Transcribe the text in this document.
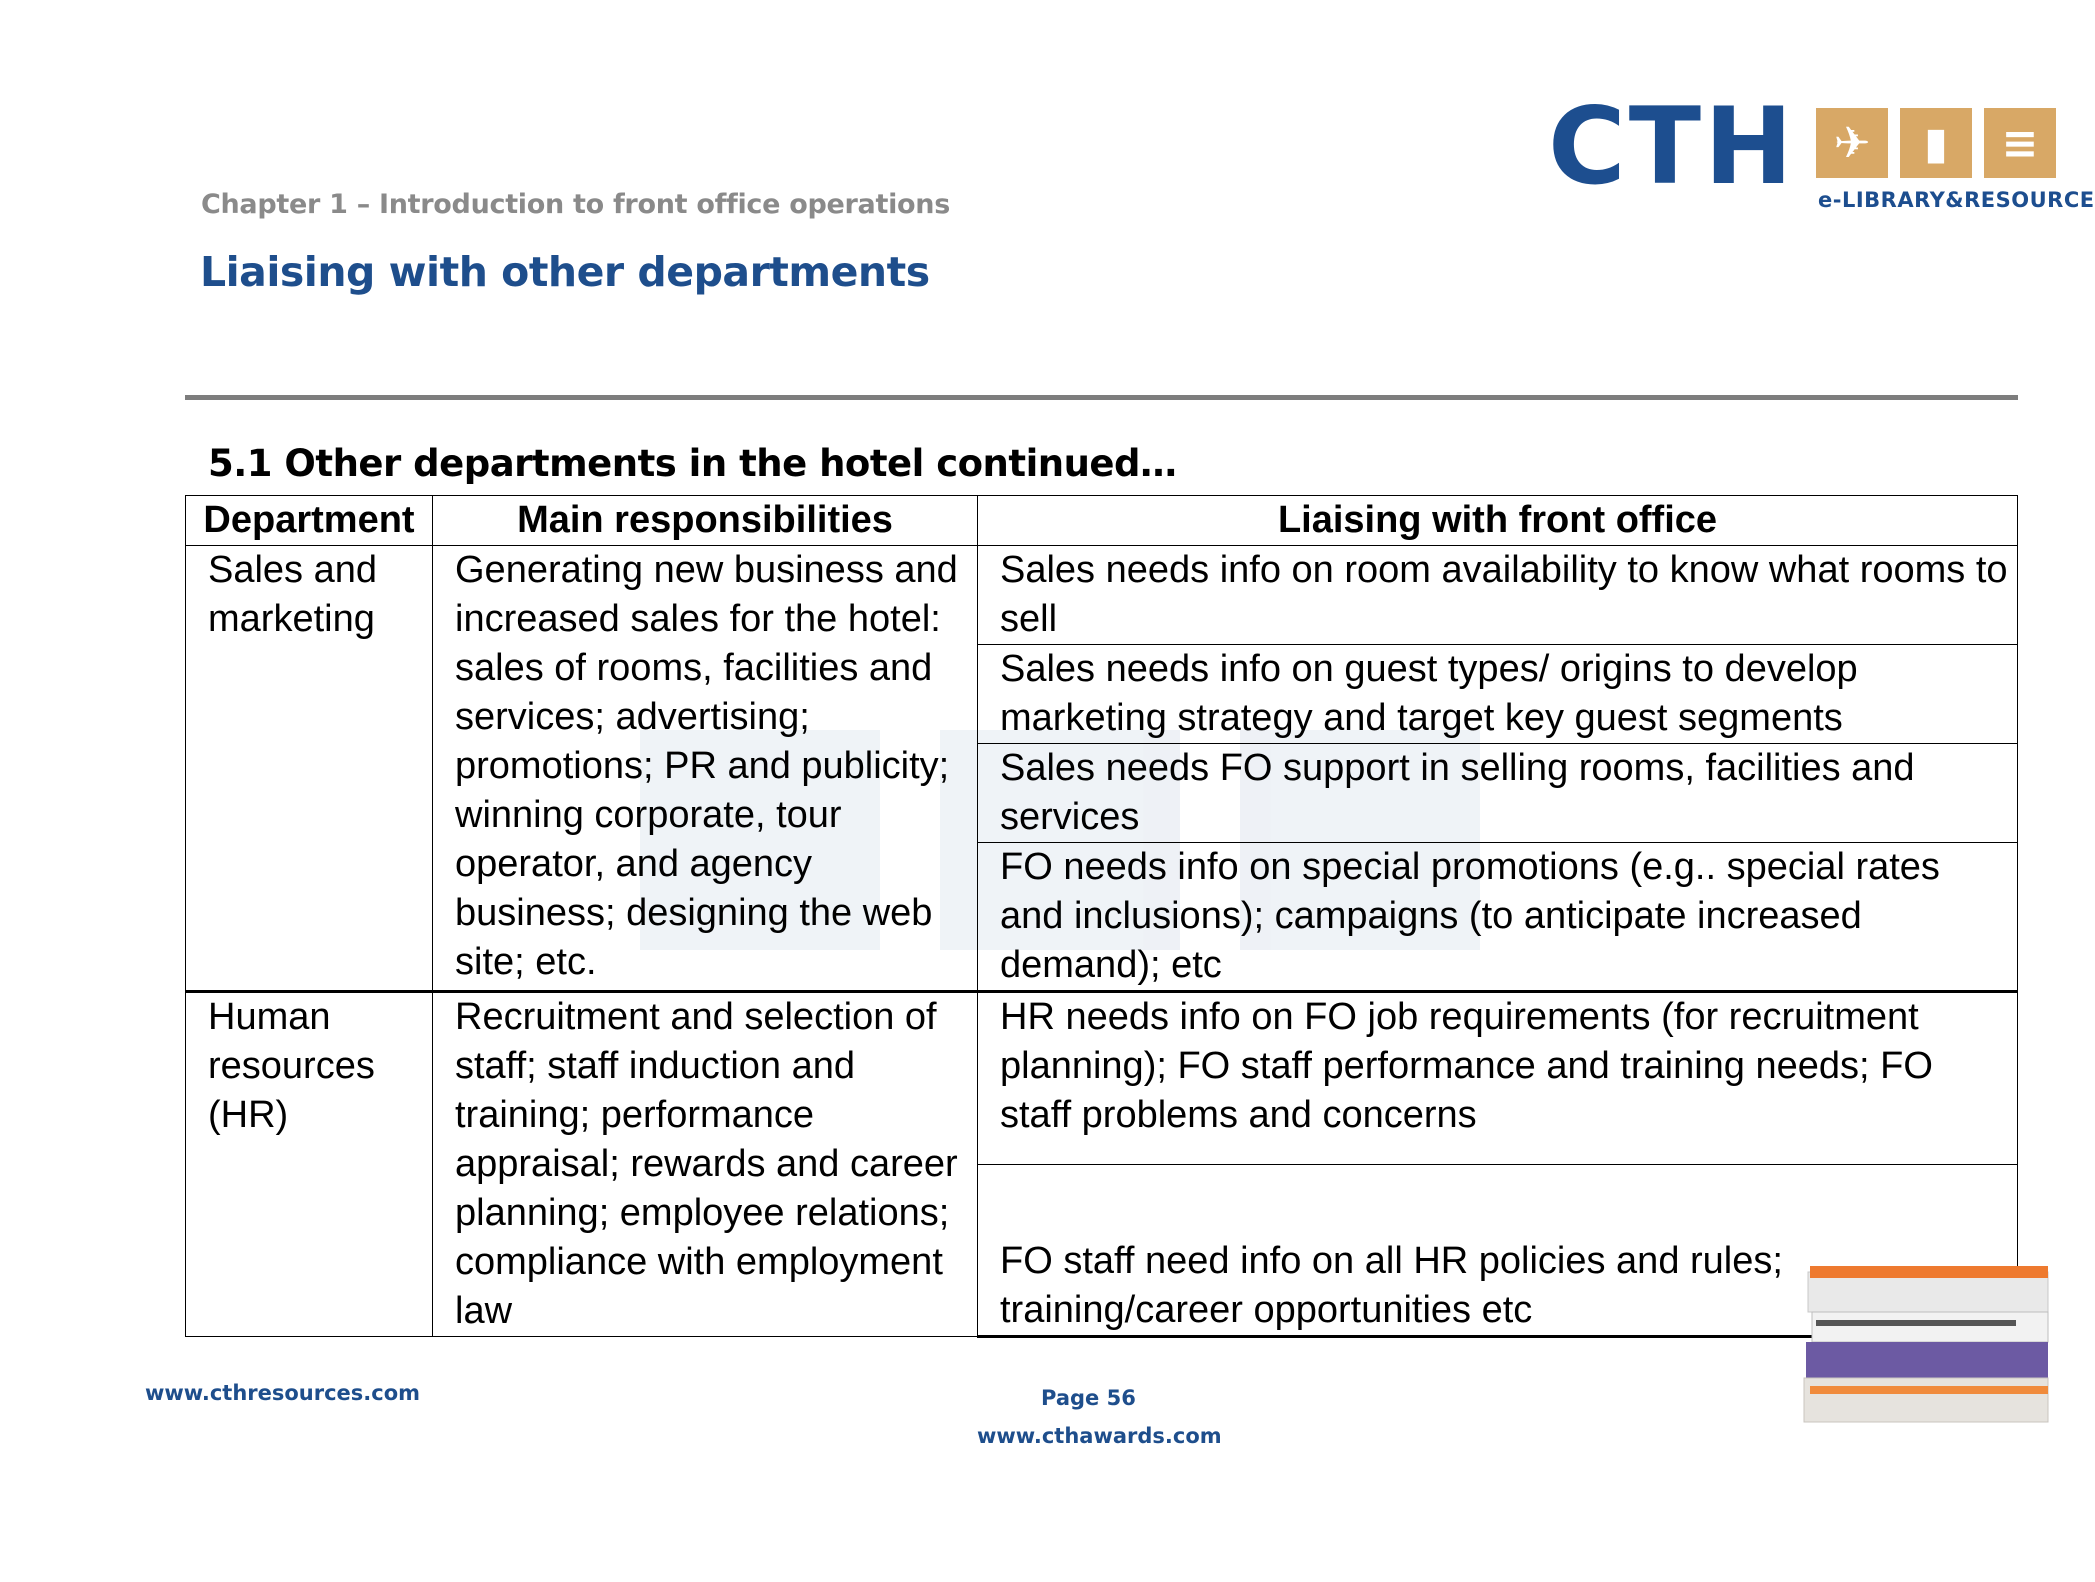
Chapter 1 – Introduction to front office operations
Liaising with other departments
CTH ✈	▮	≡
e-LIBRARY&RESOURCE
5.1 Other departments in the hotel continued…
Department	Main responsibilities	Liaising with front office
Sales and marketing	Generating new business and increased sales for the hotel: sales of rooms, facilities and services; advertising; promotions; PR and publicity; winning corporate, tour operator, and agency business; designing the web site; etc.	Sales needs info on room availability to know what rooms to sell
		Sales needs info on guest types/ origins to develop marketing strategy and target key guest segments
		Sales needs FO support in selling rooms, facilities and services
		FO needs info on special promotions (e.g.. special rates and inclusions); campaigns (to anticipate increased demand); etc
Human resources (HR)	Recruitment and selection of staff; staff induction and training; performance appraisal; rewards and career planning; employee relations; compliance with employment law	HR needs info on FO job requirements (for recruitment planning); FO staff performance and training needs; FO staff problems and concerns
		FO staff need info on all HR policies and rules; training/career opportunities etc
www.cthresources.com	Page 56
www.cthawards.com
